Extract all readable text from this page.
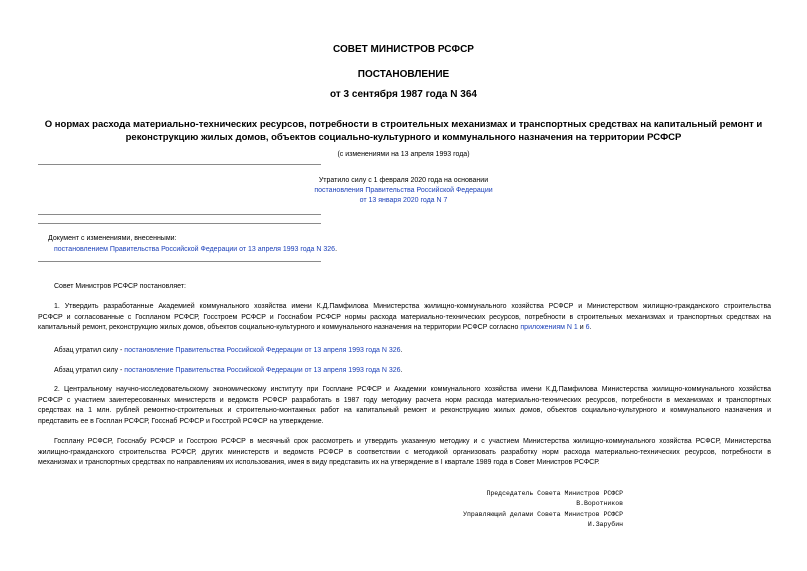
СОВЕТ МИНИСТРОВ РСФСР
ПОСТАНОВЛЕНИЕ
от 3 сентября 1987 года N 364
О нормах расхода материально-технических ресурсов, потребности в строительных механизмах и транспортных средствах на капитальный ремонт и
реконструкцию жилых домов, объектов социально-культурного и коммунального назначения на территории РСФСР
(с изменениями на 13 апреля 1993 года)
Утратило силу с 1 февраля 2020 года на основании
постановления Правительства Российской Федерации
от 13 января 2020 года N 7
Документ с изменениями, внесенными:
постановлением Правительства Российской Федерации от 13 апреля 1993 года N 326.
Совет Министров РСФСР постановляет:
1. Утвердить разработанные Академией коммунального хозяйства имени К.Д.Памфилова Министерства жилищно-коммунального хозяйства РСФСР и Министерством жилищно-гражданского строительства
РСФСР и согласованные с Госпланом РСФСР, Госстроем РСФСР и Госснабом РСФСР нормы расхода материально-технических ресурсов, потребности в строительных механизмах и транспортных средствах на
капитальный ремонт, реконструкцию жилых домов, объектов социально-культурного и коммунального назначения на территории РСФСР согласно приложениям N 1 и 6.
Абзац утратил силу - постановление Правительства Российской Федерации от 13 апреля 1993 года N 326.
Абзац утратил силу - постановление Правительства Российской Федерации от 13 апреля 1993 года N 326.
2. Центральному научно-исследовательскому экономическому институту при Госплане РСФСР и Академии коммунального хозяйства имени К.Д.Памфилова Министерства жилищно-коммунального хозяйства
РСФСР с участием заинтересованных министерств и ведомств РСФСР разработать в 1987 году методику расчета норм расхода материально-технических ресурсов, потребности в механизмах и транспортных
средствах на 1 млн. рублей ремонтно-строительных и строительно-монтажных работ на капитальный ремонт и реконструкцию жилых домов, объектов социально-культурного и коммунального назначения и
представить ее в Госплан РСФСР, Госснаб РСФСР и Госстрой РСФСР на утверждение.
Госплану РСФСР, Госснабу РСФСР и Госстрою РСФСР в месячный срок рассмотреть и утвердить указанную методику и с участием Министерства жилищно-коммунального хозяйства РСФСР, Министерства
жилищно-гражданского строительства РСФСР, других министерств и ведомств РСФСР в соответствии с методикой организовать разработку норм расхода материально-технических ресурсов, потребности в
механизмах и транспортных средствах по направлениям их использования, имея в виду представить их на утверждение в I квартале 1989 года в Совет Министров РСФСР.
Председатель Совета Министров РСФСР
В.Воротников
Управляющий делами Совета Министров РСФСР
И.Зарубин
